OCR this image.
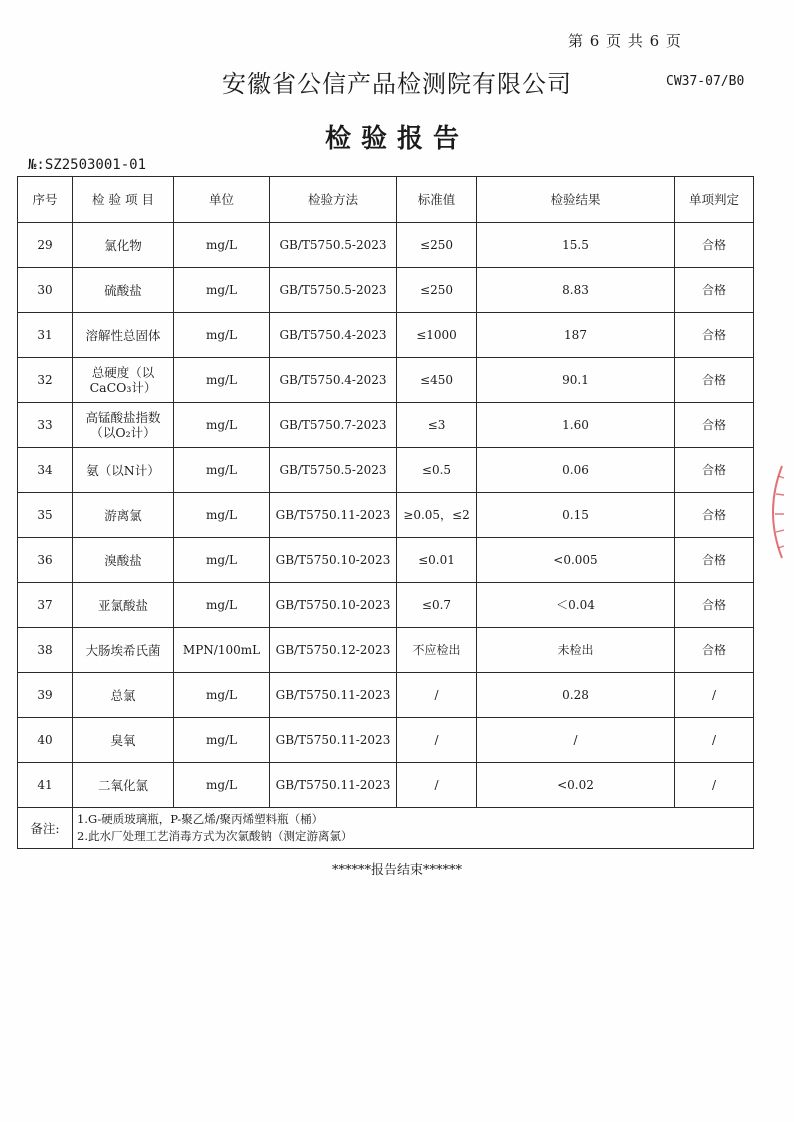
第 6 页 共 6 页
安徽省公信产品检测院有限公司	CW37-07/B0
检验报告
№:SZ2503001-01
序号	检 验 项 目	单位	检验方法	标准值	检验结果	单项判定
29	氯化物	mg/L	GB/T5750.5-2023	≤250	15.5	合格
30	硫酸盐	mg/L	GB/T5750.5-2023	≤250	8.83	合格
31	溶解性总固体	mg/L	GB/T5750.4-2023	≤1000	187	合格
32	总硬度（以CaCO₃计）	mg/L	GB/T5750.4-2023	≤450	90.1	合格
33	高锰酸盐指数（以O₂计）	mg/L	GB/T5750.7-2023	≤3	1.60	合格
34	氨（以N计）	mg/L	GB/T5750.5-2023	≤0.5	0.06	合格
35	游离氯	mg/L	GB/T5750.11-2023	≥0.05，≤2	0.15	合格
36	溴酸盐	mg/L	GB/T5750.10-2023	≤0.01	<0.005	合格
37	亚氯酸盐	mg/L	GB/T5750.10-2023	≤0.7	＜0.04	合格
38	大肠埃希氏菌	MPN/100mL	GB/T5750.12-2023	不应检出	未检出	合格
39	总氯	mg/L	GB/T5750.11-2023	/	0.28	/
40	臭氧	mg/L	GB/T5750.11-2023	/	/	/
41	二氧化氯	mg/L	GB/T5750.11-2023	/	<0.02	/
备注:	1.G-硬质玻璃瓶，P-聚乙烯/聚丙烯塑料瓶（桶）
2.此水厂处理工艺消毒方式为次氯酸钠（测定游离氯）					
******报告结束******
